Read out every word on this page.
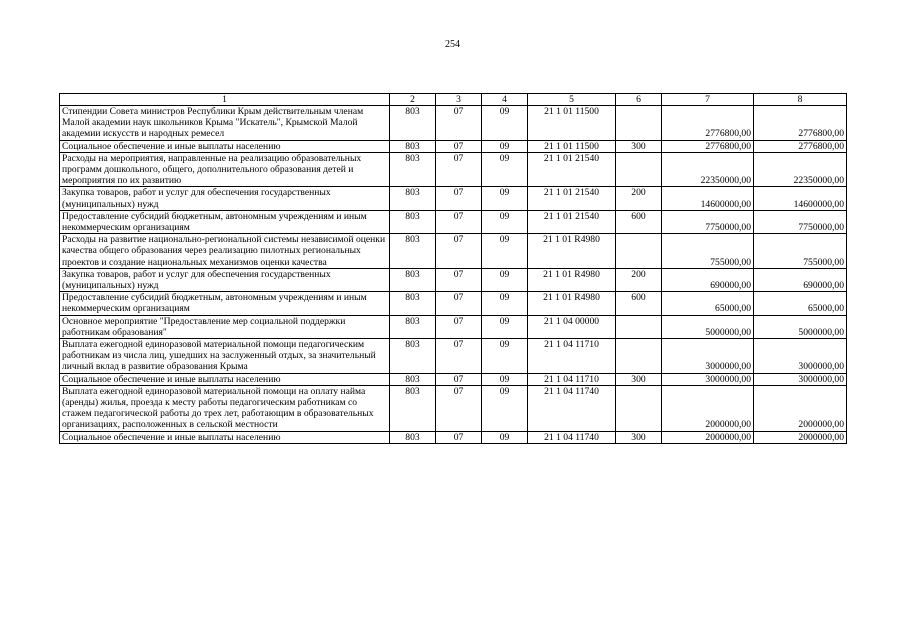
254
1	2	3	4	5	6	7	8
Стипендии Совета министров Республики Крым действительным членам Малой академии наук школьников Крыма "Искатель", Крымской Малой академии искусств и народных ремесел	803	07	09	21 1 01 11500		2776800,00	2776800,00
Социальное обеспечение и иные выплаты населению	803	07	09	21 1 01 11500	300	2776800,00	2776800,00
Расходы на мероприятия, направленные на реализацию образовательных программ дошкольного, общего, дополнительного образования детей и мероприятия по их развитию	803	07	09	21 1 01 21540		22350000,00	22350000,00
Закупка товаров, работ и услуг для обеспечения государственных (муниципальных) нужд	803	07	09	21 1 01 21540	200	14600000,00	14600000,00
Предоставление субсидий бюджетным, автономным учреждениям и иным некоммерческим организациям	803	07	09	21 1 01 21540	600	7750000,00	7750000,00
Расходы на развитие национально-региональной системы независимой оценки качества общего образования через реализацию пилотных региональных проектов и создание национальных механизмов оценки качества	803	07	09	21 1 01 R4980		755000,00	755000,00
Закупка товаров, работ и услуг для обеспечения государственных (муниципальных) нужд	803	07	09	21 1 01 R4980	200	690000,00	690000,00
Предоставление субсидий бюджетным, автономным учреждениям и иным некоммерческим организациям	803	07	09	21 1 01 R4980	600	65000,00	65000,00
Основное мероприятие "Предоставление мер социальной поддержки работникам образования"	803	07	09	21 1 04 00000		5000000,00	5000000,00
Выплата ежегодной единоразовой материальной помощи педагогическим работникам из числа лиц, ушедших на заслуженный отдых, за значительный личный вклад в развитие образования Крыма	803	07	09	21 1 04 11710		3000000,00	3000000,00
Социальное обеспечение и иные выплаты населению	803	07	09	21 1 04 11710	300	3000000,00	3000000,00
Выплата ежегодной единоразовой материальной помощи на оплату найма (аренды) жилья, проезда к месту работы педагогическим работникам со стажем педагогической работы до трех лет, работающим в образовательных организациях, расположенных в сельской местности	803	07	09	21 1 04 11740		2000000,00	2000000,00
Социальное обеспечение и иные выплаты населению	803	07	09	21 1 04 11740	300	2000000,00	2000000,00
